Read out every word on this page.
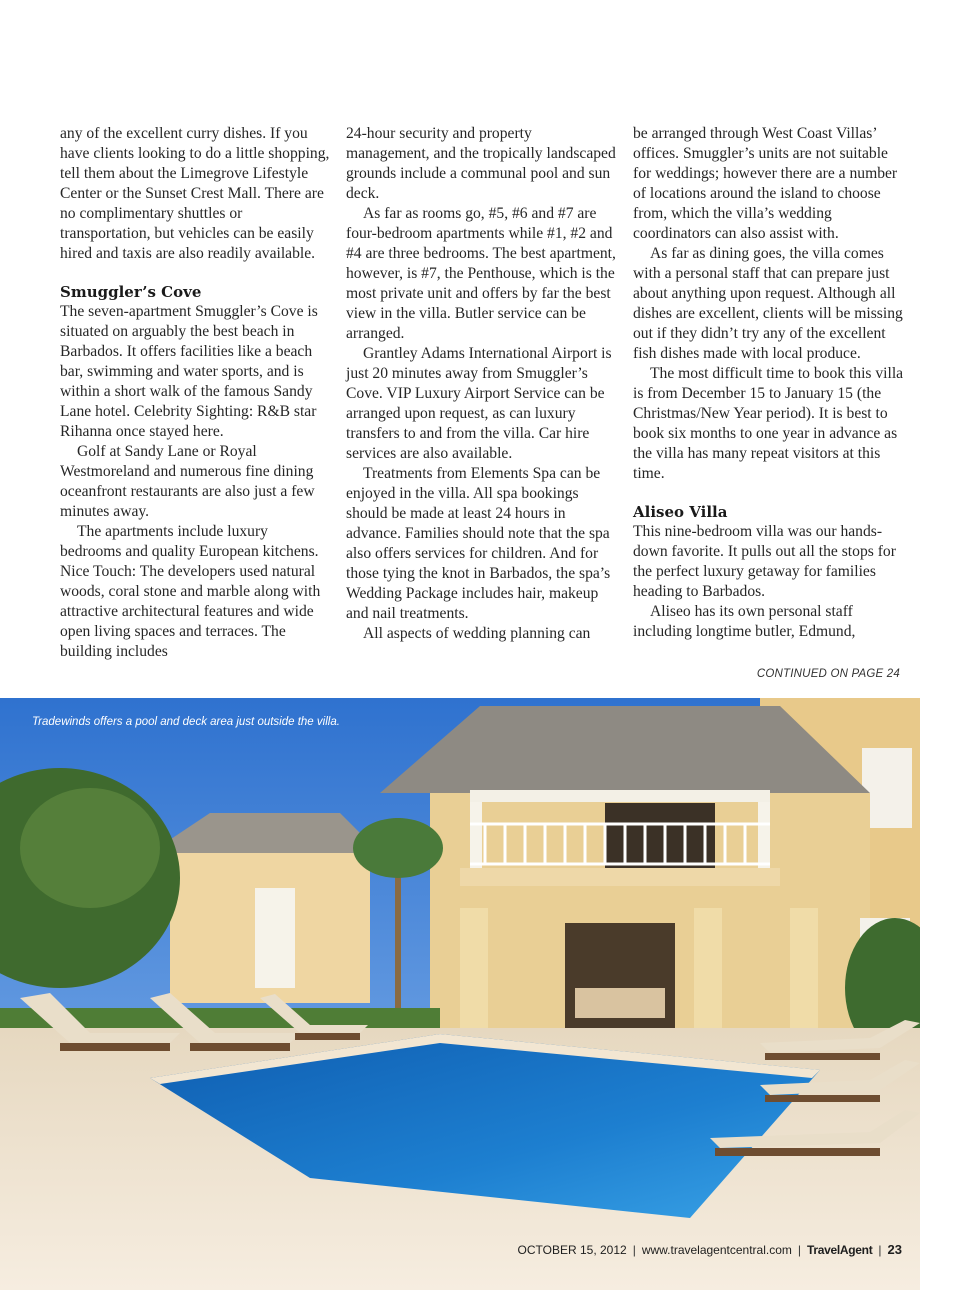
any of the excellent curry dishes. If you have clients looking to do a little shopping, tell them about the Limegrove Lifestyle Center or the Sunset Crest Mall. There are no complimentary shuttles or transportation, but vehicles can be easily hired and taxis are also readily available.

Smuggler’s Cove

The seven-apartment Smuggler’s Cove is situated on arguably the best beach in Barbados. It offers facilities like a beach bar, swimming and water sports, and is within a short walk of the famous Sandy Lane hotel. Celebrity Sighting: R&B star Rihanna once stayed here.

Golf at Sandy Lane or Royal Westmoreland and numerous fine dining oceanfront restaurants are also just a few minutes away.

The apartments include luxury bedrooms and quality European kitchens. Nice Touch: The developers used natural woods, coral stone and marble along with attractive architectural features and wide open living spaces and terraces. The building includes

24-hour security and property management, and the tropically landscaped grounds include a communal pool and sun deck.

As far as rooms go, #5, #6 and #7 are four-bedroom apartments while #1, #2 and #4 are three bedrooms. The best apartment, however, is #7, the Penthouse, which is the most private unit and offers by far the best view in the villa. Butler service can be arranged.

Grantley Adams International Airport is just 20 minutes away from Smuggler’s Cove. VIP Luxury Airport Service can be arranged upon request, as can luxury transfers to and from the villa. Car hire services are also available.

Treatments from Elements Spa can be enjoyed in the villa. All spa bookings should be made at least 24 hours in advance. Families should note that the spa also offers services for children. And for those tying the knot in Barbados, the spa’s Wedding Package includes hair, makeup and nail treatments.

All aspects of wedding planning can

be arranged through West Coast Villas’ offices. Smuggler’s units are not suitable for weddings; however there are a number of locations around the island to choose from, which the villa’s wedding coordinators can also assist with.

As far as dining goes, the villa comes with a personal staff that can prepare just about anything upon request. Although all dishes are excellent, clients will be missing out if they didn’t try any of the excellent fish dishes made with local produce.

The most difficult time to book this villa is from December 15 to January 15 (the Christmas/New Year period). It is best to book six months to one year in advance as the villa has many repeat visitors at this time.

Aliseo Villa

This nine-bedroom villa was our hands-down favorite. It pulls out all the stops for the perfect luxury getaway for families heading to Barbados.

Aliseo has its own personal staff including longtime butler, Edmund,

CONTINUED ON PAGE 24
Tradewinds offers a pool and deck area just outside the villa.
OCTOBER 15, 2012 | www.travelagentcentral.com | TravelAgent | 23
